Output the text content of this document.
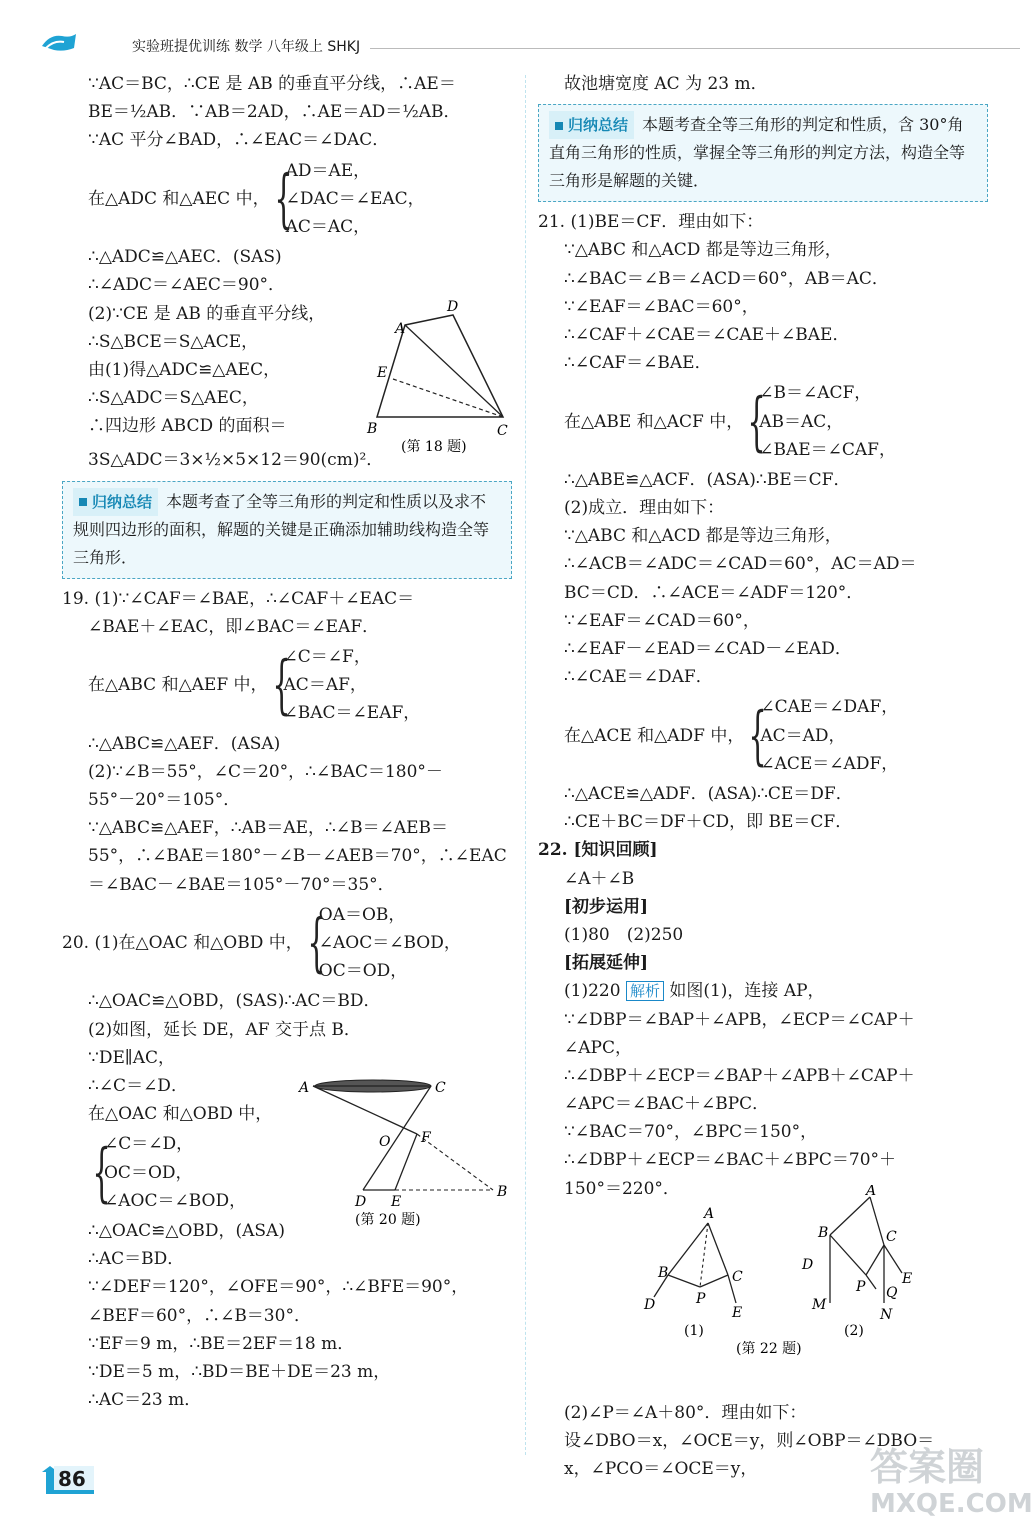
实验班提优训练 数学 八年级上 SHKJ
∵AC＝BC，∴CE 是 AB 的垂直平分线，∴AE＝
BE＝½AB．∵AB＝2AD，∴AE＝AD＝½AB．
∵AC 平分∠BAD，∴∠EAC＝∠DAC．
在△ADC 和△AEC 中， {
AD＝AE，
∠DAC＝∠EAC，
AC＝AC，
∴△ADC≌△AEC．(SAS)
∴∠ADC＝∠AEC＝90°．
(2)∵CE 是 AB 的垂直平分线，
∴S△BCE＝S△ACE，
由(1)得△ADC≌△AEC，
∴S△ADC＝S△AEC，
∴四边形 ABCD 的面积＝
3S△ADC＝3×½×5×12＝90(cm)²．
归纳总结 本题考查了全等三角形的判定和性质以及求不规则四边形的面积，解题的关键是正确添加辅助线构造全等三角形．
19. (1)∵∠CAF＝∠BAE，∴∠CAF＋∠EAC＝
∠BAE＋∠EAC，即∠BAC＝∠EAF．
在△ABC 和△AEF 中， {
∠C＝∠F，
AC＝AF，
∠BAC＝∠EAF，
∴△ABC≌△AEF．(ASA)
(2)∵∠B＝55°，∠C＝20°，∴∠BAC＝180°－
55°－20°＝105°．
∵△ABC≌△AEF，∴AB＝AE，∴∠B＝∠AEB＝
55°，∴∠BAE＝180°－∠B－∠AEB＝70°，∴∠EAC
＝∠BAC－∠BAE＝105°－70°＝35°．
20. (1)在△OAC 和△OBD 中， {
OA＝OB，
∠AOC＝∠BOD，
OC＝OD，
∴△OAC≌△OBD，(SAS)∴AC＝BD．
(2)如图，延长 DE，AF 交于点 B．
∵DE∥AC，
∴∠C＝∠D．
在△OAC 和△OBD 中，
{
∠C＝∠D，
OC＝OD，
∠AOC＝∠BOD，
∴△OAC≌△OBD，(ASA)
∴AC＝BD．
∵∠DEF＝120°，∠OFE＝90°，∴∠BFE＝90°，
∠BEF＝60°，∴∠B＝30°．
∵EF＝9 m，∴BE＝2EF＝18 m．
∵DE＝5 m，∴BD＝BE＋DE＝23 m，
∴AC＝23 m．
A
D
E
B	C
(第 18 题)
A	C
O F
D E
B
(第 20 题)
故池塘宽度 AC 为 23 m．
归纳总结 本题考查全等三角形的判定和性质，含 30°角直角三角形的性质，掌握全等三角形的判定方法，构造全等三角形是解题的关键．
21. (1)BE＝CF．理由如下：
∵△ABC 和△ACD 都是等边三角形，
∴∠BAC＝∠B＝∠ACD＝60°，AB＝AC．
∵∠EAF＝∠BAC＝60°，
∴∠CAF＋∠CAE＝∠CAE＋∠BAE．
∴∠CAF＝∠BAE．
在△ABE 和△ACF 中， {
∠B＝∠ACF，
AB＝AC，
∠BAE＝∠CAF，
∴△ABE≌△ACF．(ASA)∴BE＝CF．
(2)成立．理由如下：
∵△ABC 和△ACD 都是等边三角形，
∴∠ACB＝∠ADC＝∠CAD＝60°，AC＝AD＝
BC＝CD．∴∠ACE＝∠ADF＝120°．
∵∠EAF＝∠CAD＝60°，
∴∠EAF－∠EAD＝∠CAD－∠EAD．
∴∠CAE＝∠DAF．
在△ACE 和△ADF 中， {
∠CAE＝∠DAF，
AC＝AD，
∠ACE＝∠ADF，
∴△ACE≌△ADF．(ASA)∴CE＝DF．
∴CE＋BC＝DF＋CD，即 BE＝CF．
22. [知识回顾]
∠A＋∠B
[初步运用]
(1)80　(2)250
[拓展延伸]
(1)220 解析 如图(1)，连接 AP，
∵∠DBP＝∠BAP＋∠APB，∠ECP＝∠CAP＋
∠APC，
∴∠DBP＋∠ECP＝∠BAP＋∠APB＋∠CAP＋
∠APC＝∠BAC＋∠BPC．
∵∠BAC＝70°，∠BPC＝150°，
∴∠DBP＋∠ECP＝∠BAC＋∠BPC＝70°＋
150°＝220°．
(2)∠P＝∠A＋80°．理由如下：
设∠DBO＝x，∠OCE＝y，则∠OBP＝∠DBO＝
x，∠PCO＝∠OCE＝y，
A
B	C
P
D	E
(1)
A
B	C
D
P	E
Q
M
N
(2)
(第 22 题)
86	答案圈
MXQE.COM
